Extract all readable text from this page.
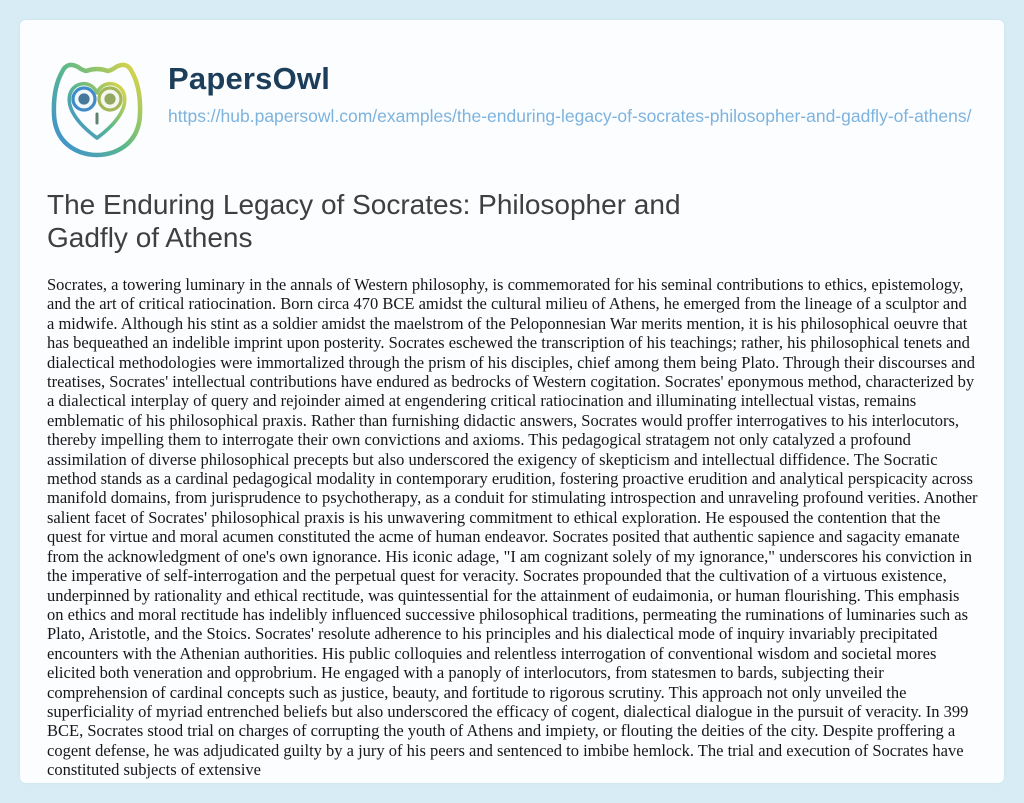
PapersOwl
https://hub.papersowl.com/examples/the-enduring-legacy-of-socrates-philosopher-and-gadfly-of-athens/
The Enduring Legacy of Socrates: Philosopher and Gadfly of Athens

Socrates, a towering luminary in the annals of Western philosophy, is commemorated for his seminal contributions to ethics, epistemology, and the art of critical ratiocination. Born circa 470 BCE amidst the cultural milieu of Athens, he emerged from the lineage of a sculptor and a midwife. Although his stint as a soldier amidst the maelstrom of the Peloponnesian War merits mention, it is his philosophical oeuvre that has bequeathed an indelible imprint upon posterity. Socrates eschewed the transcription of his teachings; rather, his philosophical tenets and dialectical methodologies were immortalized through the prism of his disciples, chief among them being Plato. Through their discourses and treatises, Socrates' intellectual contributions have endured as bedrocks of Western cogitation. Socrates' eponymous method, characterized by a dialectical interplay of query and rejoinder aimed at engendering critical ratiocination and illuminating intellectual vistas, remains emblematic of his philosophical praxis. Rather than furnishing didactic answers, Socrates would proffer interrogatives to his interlocutors, thereby impelling them to interrogate their own convictions and axioms. This pedagogical stratagem not only catalyzed a profound assimilation of diverse philosophical precepts but also underscored the exigency of skepticism and intellectual diffidence. The Socratic method stands as a cardinal pedagogical modality in contemporary erudition, fostering proactive erudition and analytical perspicacity across manifold domains, from jurisprudence to psychotherapy, as a conduit for stimulating introspection and unraveling profound verities. Another salient facet of Socrates' philosophical praxis is his unwavering commitment to ethical exploration. He espoused the contention that the quest for virtue and moral acumen constituted the acme of human endeavor. Socrates posited that authentic sapience and sagacity emanate from the acknowledgment of one's own ignorance. His iconic adage, "I am cognizant solely of my ignorance," underscores his conviction in the imperative of self-interrogation and the perpetual quest for veracity. Socrates propounded that the cultivation of a virtuous existence, underpinned by rationality and ethical rectitude, was quintessential for the attainment of eudaimonia, or human flourishing. This emphasis on ethics and moral rectitude has indelibly influenced successive philosophical traditions, permeating the ruminations of luminaries such as Plato, Aristotle, and the Stoics. Socrates' resolute adherence to his principles and his dialectical mode of inquiry invariably precipitated encounters with the Athenian authorities. His public colloquies and relentless interrogation of conventional wisdom and societal mores elicited both veneration and opprobrium. He engaged with a panoply of interlocutors, from statesmen to bards, subjecting their comprehension of cardinal concepts such as justice, beauty, and fortitude to rigorous scrutiny. This approach not only unveiled the superficiality of myriad entrenched beliefs but also underscored the efficacy of cogent, dialectical dialogue in the pursuit of veracity. In 399 BCE, Socrates stood trial on charges of corrupting the youth of Athens and impiety, or flouting the deities of the city. Despite proffering a cogent defense, he was adjudicated guilty by a jury of his peers and sentenced to imbibe hemlock. The trial and execution of Socrates have constituted subjects of extensive
